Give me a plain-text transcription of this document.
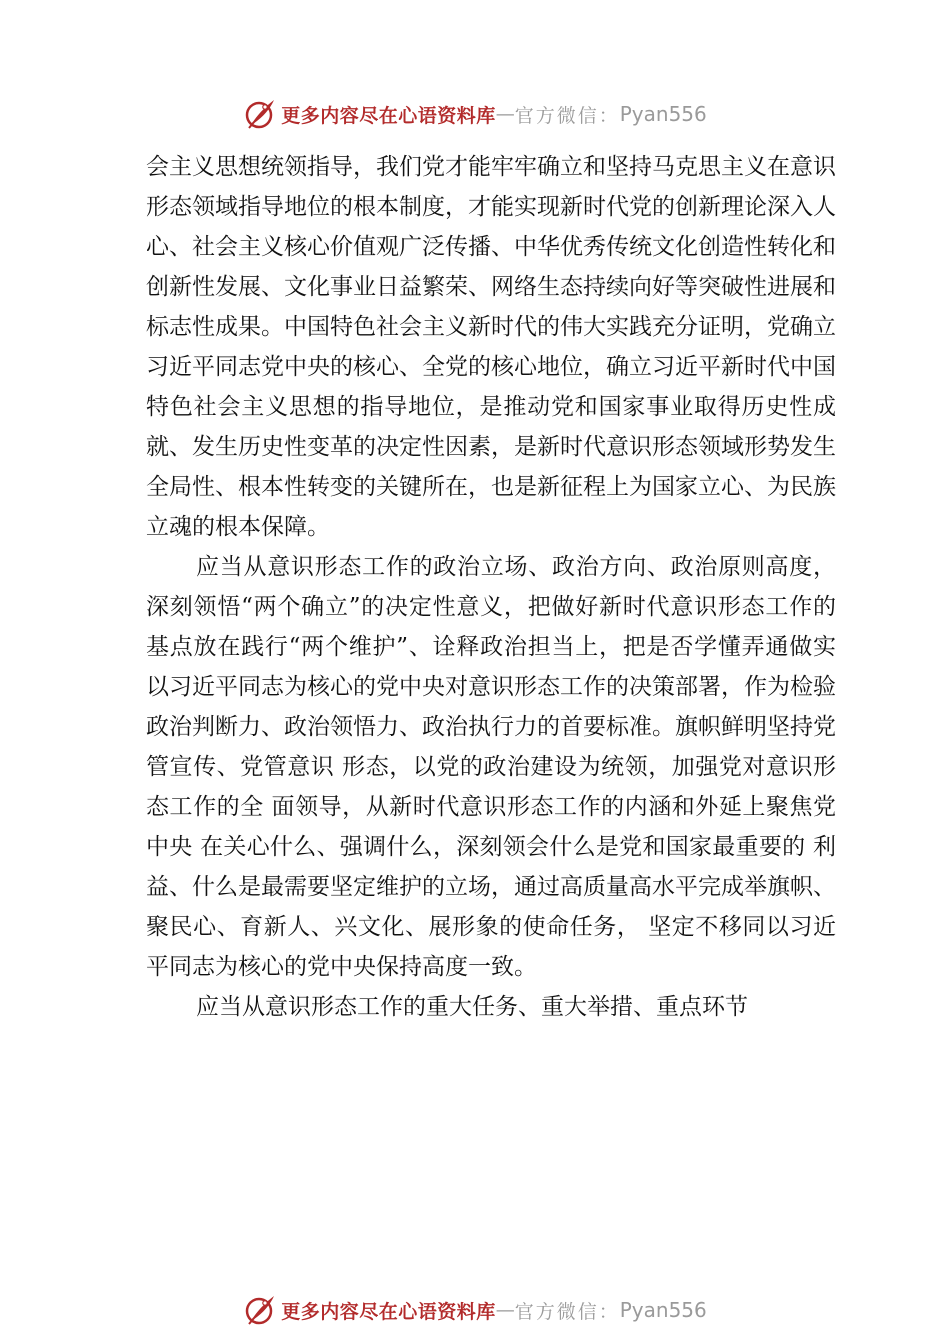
更多内容尽在心语资料库 — 官方微信： Pyan556

会主义思想统领指导，我们党才能牢牢确立和坚持马克思主义在意识形态领域指导地位的根本制度，才能实现新时代党的创新理论深入人心、社会主义核心价值观广泛传播、中华优秀传统文化创造性转化和创新性发展、文化事业日益繁荣、网络生态持续向好等突破性进展和标志性成果。中国特色社会主义新时代的伟大实践充分证明，党确立习近平同志党中央的核心、全党的核心地位，确立习近平新时代中国特色社会主义思想的指导地位，是推动党和国家事业取得历史性成就、发生历史性变革的决定性因素，是新时代意识形态领域形势发生全局性、根本性转变的关键所在，也是新征程上为国家立心、为民族立魂的根本保障。

应当从意识形态工作的政治立场、政治方向、政治原则高度，深刻领悟“两个确立”的决定性意义，把做好新时代意识形态工作的基点放在践行“两个维护”、诠释政治担当上，把是否学懂弄通做实以习近平同志为核心的党中央对意识形态工作的决策部署，作为检验政治判断力、政治领悟力、政治执行力的首要标准。旗帜鲜明坚持党管宣传、党管意识 形态，以党的政治建设为统领，加强党对意识形态工作的全 面领导，从新时代意识形态工作的内涵和外延上聚焦党中央 在关心什么、强调什么，深刻领会什么是党和国家最重要的 利益、什么是最需要坚定维护的立场，通过高质量高水平完成举旗帜、聚民心、育新人、兴文化、展形象的使命任务， 坚定不移同以习近平同志为核心的党中央保持高度一致。

应当从意识形态工作的重大任务、重大举措、重点环节

更多内容尽在心语资料库 — 官方微信： Pyan556
